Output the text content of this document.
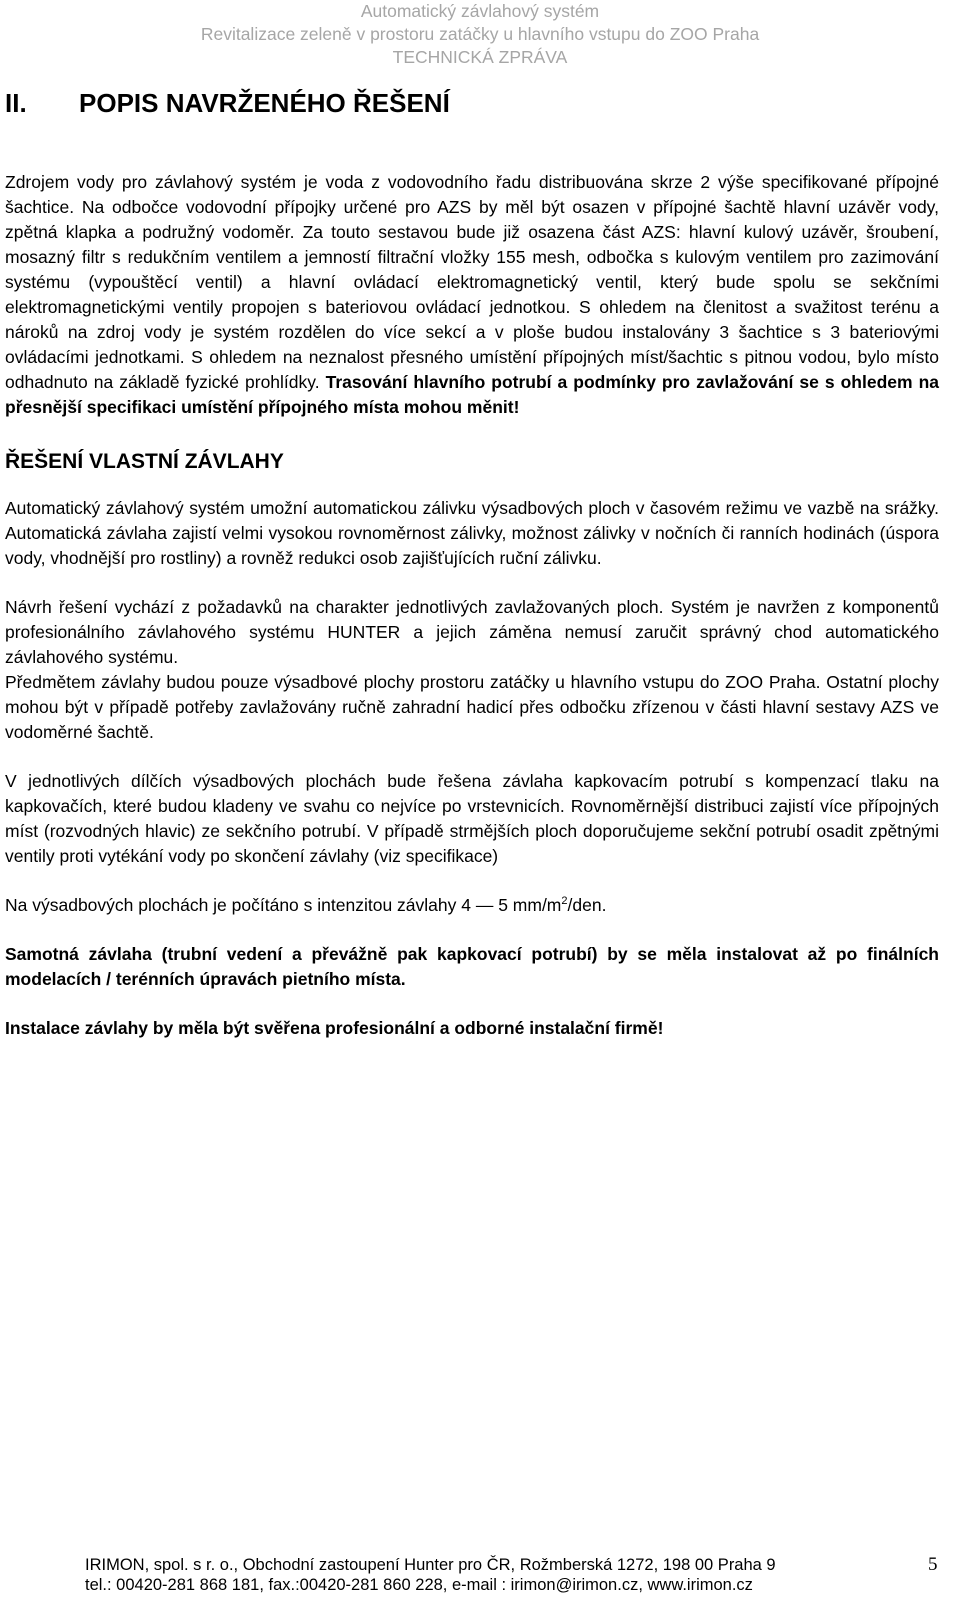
Automatický závlahový systém
Revitalizace zeleně v prostoru zatáčky u hlavního vstupu do ZOO Praha
TECHNICKÁ ZPRÁVA
II. POPIS NAVRŽENÉHO ŘEŠENÍ

Zdrojem vody pro závlahový systém je voda z vodovodního řadu distribuována skrze 2 výše specifikované přípojné šachtice. Na odbočce vodovodní přípojky určené pro AZS by měl být osazen v přípojné šachtě hlavní uzávěr vody, zpětná klapka a podružný vodoměr. Za touto sestavou bude již osazena část AZS: hlavní kulový uzávěr, šroubení, mosazný filtr s redukčním ventilem a jemností filtrační vložky 155 mesh, odbočka s kulovým ventilem pro zazimování systému (vypouštěcí ventil) a hlavní ovládací elektromagnetický ventil, který bude spolu se sekčními elektromagnetickými ventily propojen s bateriovou ovládací jednotkou. S ohledem na členitost a svažitost terénu a nároků na zdroj vody je systém rozdělen do více sekcí a v ploše budou instalovány 3 šachtice s 3 bateriovými ovládacími jednotkami. S ohledem na neznalost přesného umístění přípojných míst/šachtic s pitnou vodou, bylo místo odhadnuto na základě fyzické prohlídky. Trasování hlavního potrubí a podmínky pro zavlažování se s ohledem na přesnější specifikaci umístění přípojného místa mohou měnit!

ŘEŠENÍ VLASTNÍ ZÁVLAHY

Automatický závlahový systém umožní automatickou zálivku výsadbových ploch v časovém režimu ve vazbě na srážky. Automatická závlaha zajistí velmi vysokou rovnoměrnost zálivky, možnost zálivky v nočních či ranních hodinách (úspora vody, vhodnější pro rostliny) a rovněž redukci osob zajišťujících ruční zálivku.

Návrh řešení vychází z požadavků na charakter jednotlivých zavlažovaných ploch. Systém je navržen z komponentů profesionálního závlahového systému HUNTER a jejich záměna nemusí zaručit správný chod automatického závlahového systému.

Předmětem závlahy budou pouze výsadbové plochy prostoru zatáčky u hlavního vstupu do ZOO Praha. Ostatní plochy mohou být v případě potřeby zavlažovány ručně zahradní hadicí přes odbočku zřízenou v části hlavní sestavy AZS ve vodoměrné šachtě.

V jednotlivých dílčích výsadbových plochách bude řešena závlaha kapkovacím potrubí s kompenzací tlaku na kapkovačích, které budou kladeny ve svahu co nejvíce po vrstevnicích. Rovnoměrnější distribuci zajistí více přípojných míst (rozvodných hlavic) ze sekčního potrubí. V případě strmějších ploch doporučujeme sekční potrubí osadit zpětnými ventily proti vytékání vody po skončení závlahy (viz specifikace)

Na výsadbových plochách je počítáno s intenzitou závlahy 4 — 5 $mm/m^2$/den.

Samotná závlaha (trubní vedení a převážně pak kapkovací potrubí) by se měla instalovat až po finálních modelacích / terénních úpravách pietního místa.

Instalace závlahy by měla být svěřena profesionální a odborné instalační firmě!

IRIMON, spol. s r. o., Obchodní zastoupení Hunter pro ČR, Rožmberská 1272, 198 00 Praha 9
tel.: 00420-281 868 181, fax.:00420-281 860 228, e-mail : irimon@irimon.cz, www.irimon.cz
5
